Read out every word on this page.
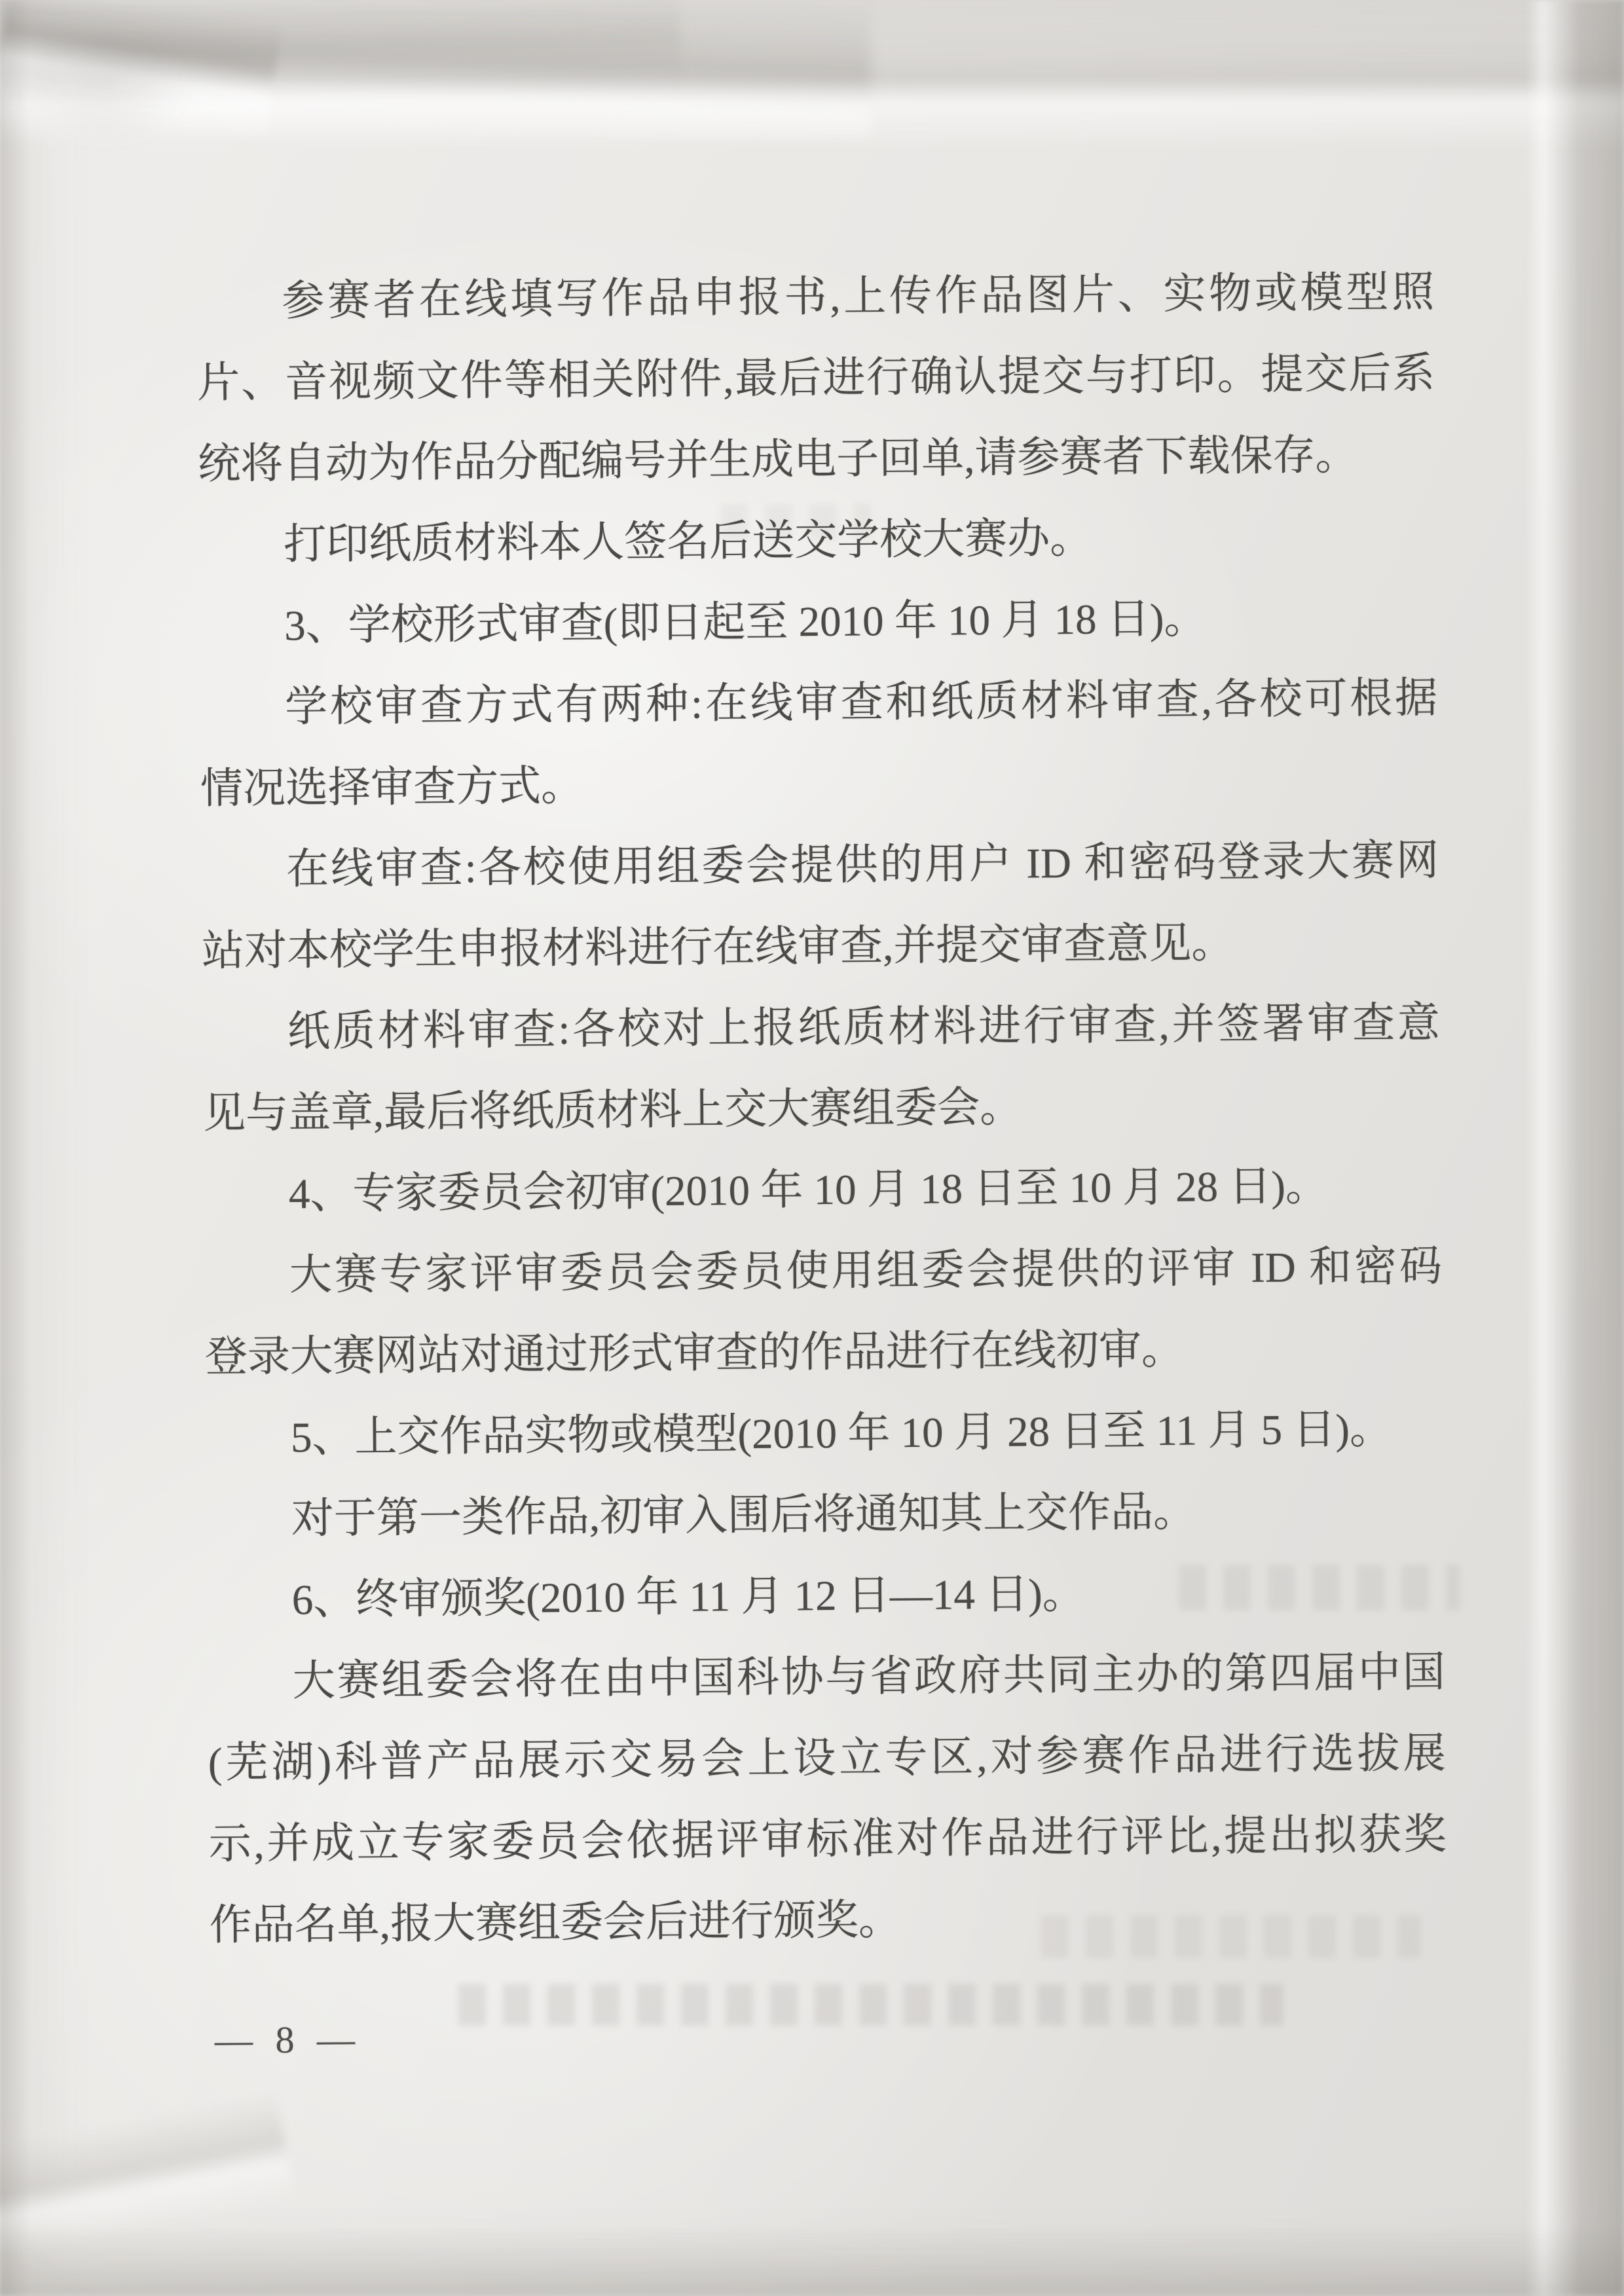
参赛者在线填写作品申报书,上传作品图片、实物或模型照
片、音视频文件等相关附件,最后进行确认提交与打印。提交后系
统将自动为作品分配编号并生成电子回单,请参赛者下载保存。
打印纸质材料本人签名后送交学校大赛办。
3、学校形式审查(即日起至 2010 年 10 月 18 日)。
学校审查方式有两种:在线审查和纸质材料审查,各校可根据
情况选择审查方式。
在线审查:各校使用组委会提供的用户 ID 和密码登录大赛网
站对本校学生申报材料进行在线审查,并提交审查意见。
纸质材料审查:各校对上报纸质材料进行审查,并签署审查意
见与盖章,最后将纸质材料上交大赛组委会。
4、专家委员会初审(2010 年 10 月 18 日至 10 月 28 日)。
大赛专家评审委员会委员使用组委会提供的评审 ID 和密码
登录大赛网站对通过形式审查的作品进行在线初审。
5、上交作品实物或模型(2010 年 10 月 28 日至 11 月 5 日)。
对于第一类作品,初审入围后将通知其上交作品。
6、终审颁奖(2010 年 11 月 12 日—14 日)。
大赛组委会将在由中国科协与省政府共同主办的第四届中国
(芜湖)科普产品展示交易会上设立专区,对参赛作品进行选拔展
示,并成立专家委员会依据评审标准对作品进行评比,提出拟获奖
作品名单,报大赛组委会后进行颁奖。
— 8 —
